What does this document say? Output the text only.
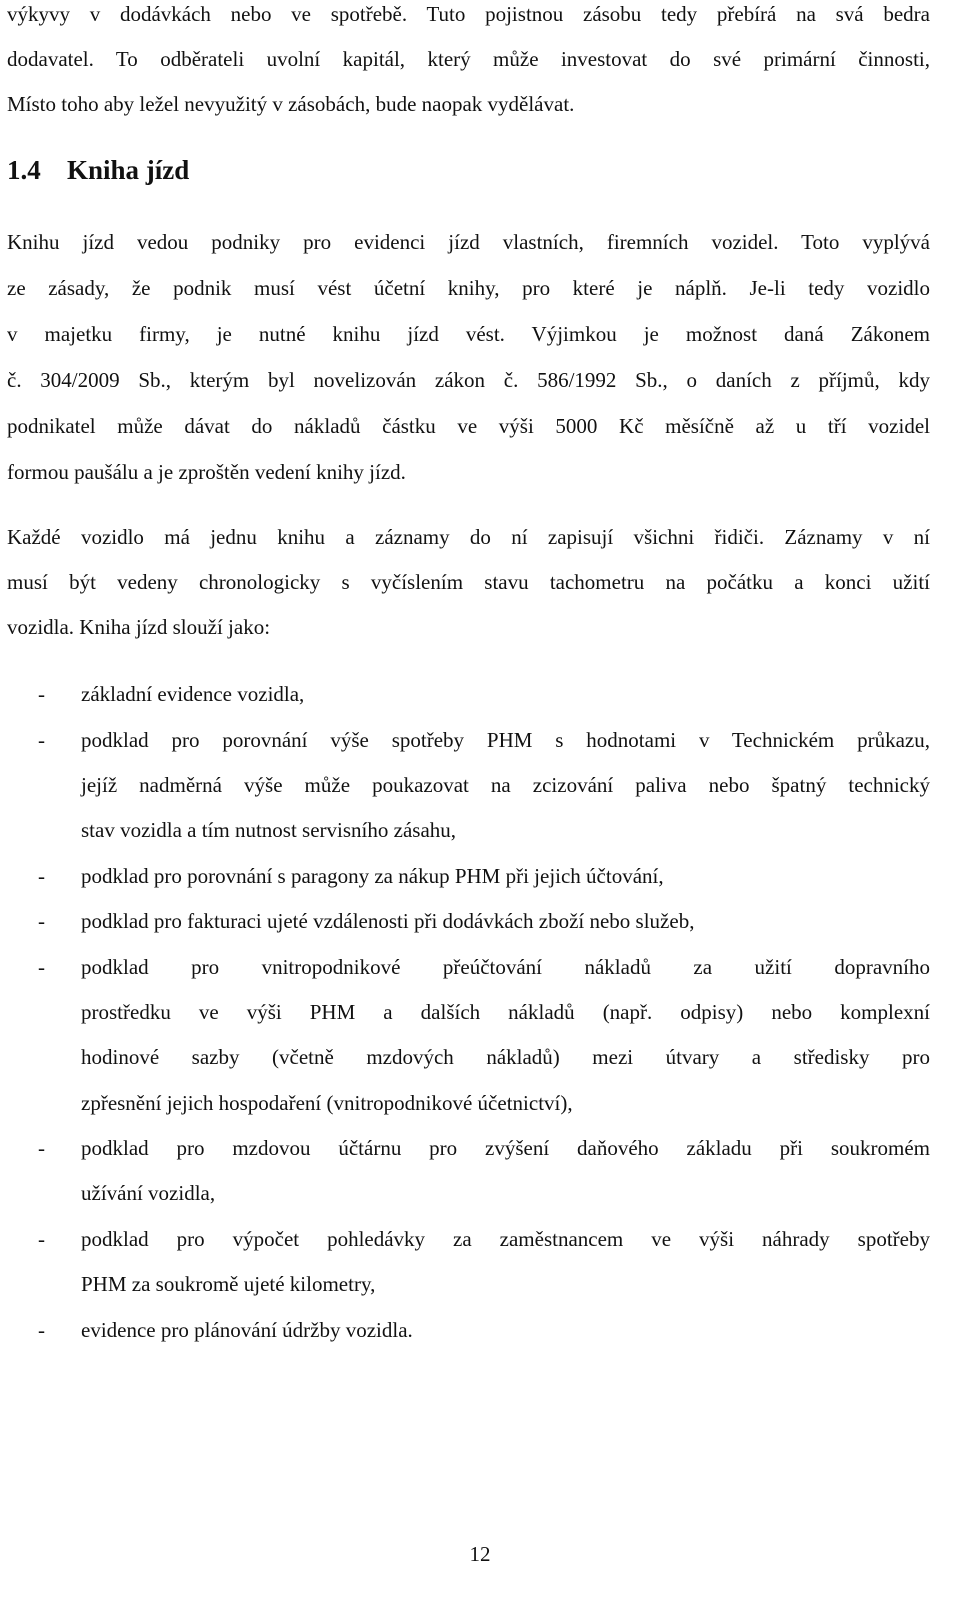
výkyvy v dodávkách nebo ve spotřebě. Tuto pojistnou zásobu tedy přebírá na svá bedra
dodavatel. To odběrateli uvolní kapitál, který může investovat do své primární činnosti,
Místo toho aby ležel nevyužitý v zásobách, bude naopak vydělávat.
1.4 Kniha jízd
Knihu jízd vedou podniky pro evidenci jízd vlastních, firemních vozidel. Toto vyplývá
ze zásady, že podnik musí vést účetní knihy, pro které je náplň. Je-li tedy vozidlo
v majetku firmy, je nutné knihu jízd vést. Výjimkou je možnost daná Zákonem
č. 304/2009 Sb., kterým byl novelizován zákon č. 586/1992 Sb., o daních z příjmů, kdy
podnikatel může dávat do nákladů částku ve výši 5000 Kč měsíčně až u tří vozidel
formou paušálu a je zproštěn vedení knihy jízd.
Každé vozidlo má jednu knihu a záznamy do ní zapisují všichni řidiči. Záznamy v ní
musí být vedeny chronologicky s vyčíslením stavu tachometru na počátku a konci užití
vozidla. Kniha jízd slouží jako:
- základní evidence vozidla,
- podklad pro porovnání výše spotřeby PHM s hodnotami v Technickém průkazu,
jejíž nadměrná výše může poukazovat na zcizování paliva nebo špatný technický
stav vozidla a tím nutnost servisního zásahu,
- podklad pro porovnání s paragony za nákup PHM při jejich účtování,
- podklad pro fakturaci ujeté vzdálenosti při dodávkách zboží nebo služeb,
- podklad pro vnitropodnikové přeúčtování nákladů za užití dopravního
prostředku ve výši PHM a dalších nákladů (např. odpisy) nebo komplexní
hodinové sazby (včetně mzdových nákladů) mezi útvary a středisky pro
zpřesnění jejich hospodaření (vnitropodnikové účetnictví),
- podklad pro mzdovou účtárnu pro zvýšení daňového základu při soukromém
užívání vozidla,
- podklad pro výpočet pohledávky za zaměstnancem ve výši náhrady spotřeby
PHM za soukromě ujeté kilometry,
- evidence pro plánování údržby vozidla.
12
